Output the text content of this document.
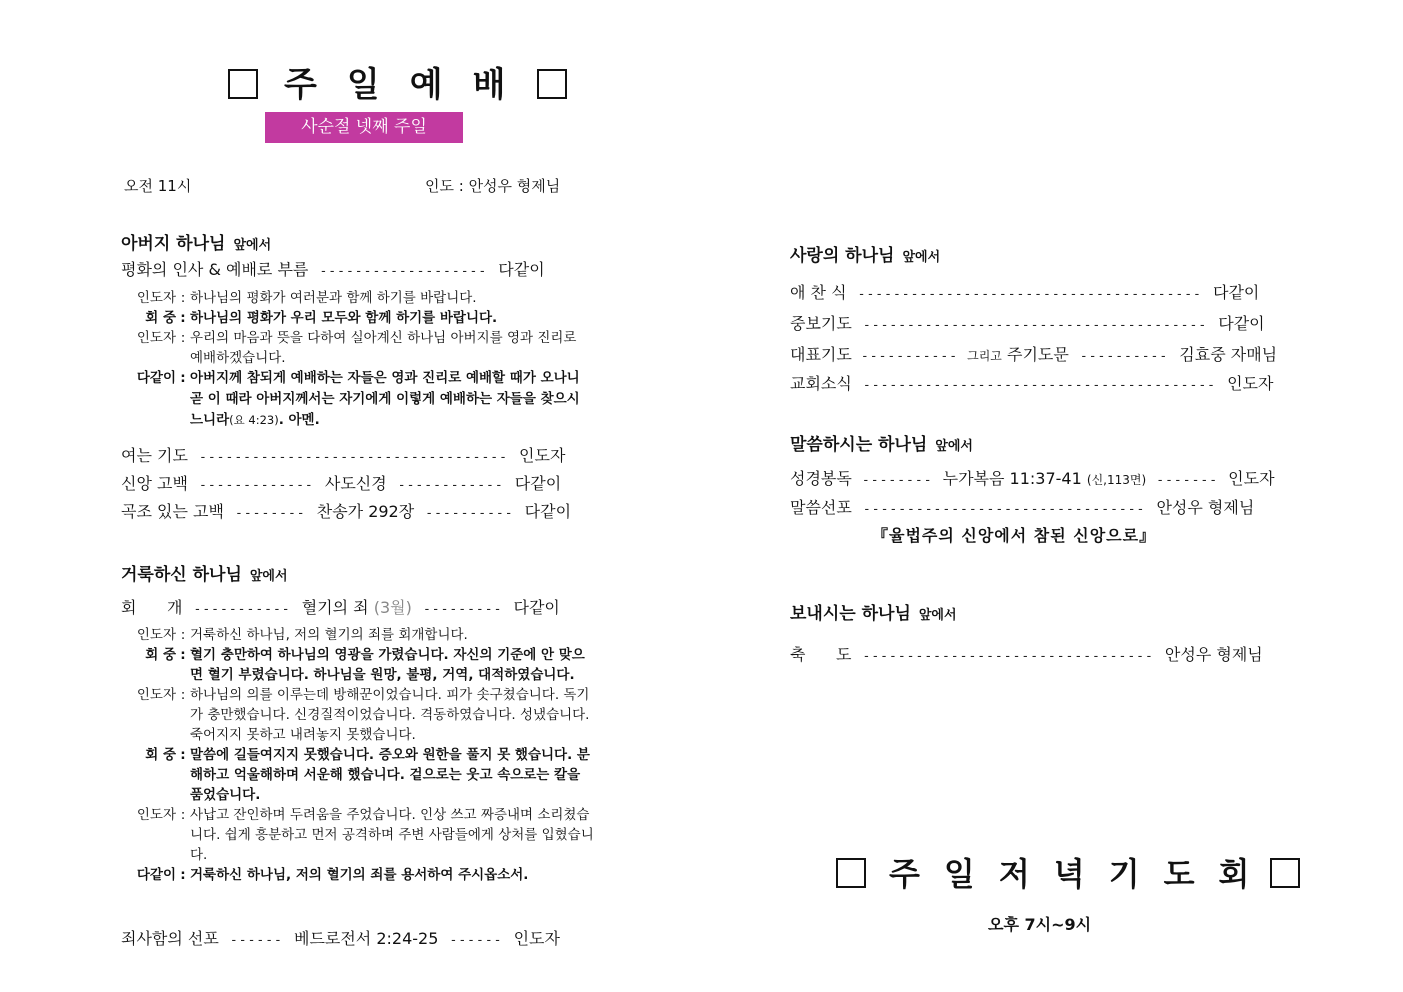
주 일 예 배
사순절 넷째 주일
오전 11시	인도 : 안성우 형제님
아버지 하나님 앞에서
평화의 인사 & 예배로 부름 ------------------- 다같이
인도자 : 하나님의 평화가 여러분과 함께 하기를 바랍니다.
회 중 : 하나님의 평화가 우리 모두와 함께 하기를 바랍니다.
인도자 : 우리의 마음과 뜻을 다하여 실아계신 하나님 아버지를 영과 진리로 예배하겠습니다.
다같이 : 아버지께 참되게 예배하는 자들은 영과 진리로 예배할 때가 오나니 곧 이 때라 아버지께서는 자기에게 이렇게 예배하는 자들을 찾으시느니라(요 4:23). 아멘.
여는 기도 ----------------------------------- 인도자
신앙 고백 ------------- 사도신경 ------------ 다같이
곡조 있는 고백 -------- 찬송가 292장 ---------- 다같이
거룩하신 하나님 앞에서
회      개 ----------- 혈기의 죄 (3월) --------- 다같이
인도자 : 거룩하신 하나님, 저의 혈기의 죄를 회개합니다.
회 중 : 혈기 충만하여 하나님의 영광을 가렸습니다. 자신의 기준에 안 맞으면 혈기 부렸습니다. 하나님을 원망, 불평, 거역, 대적하였습니다.
인도자 : 하나님의 의를 이루는데 방해꾼이었습니다. 피가 솟구쳤습니다. 독기가 충만했습니다. 신경질적이었습니다. 격동하였습니다. 성냈습니다. 죽어지지 못하고 내려놓지 못했습니다.
회 중 : 말씀에 길들여지지 못했습니다. 증오와 원한을 풀지 못 했습니다. 분해하고 억울해하며 서운해 했습니다. 겉으로는 웃고 속으로는 칼을 품었습니다.
인도자 : 사납고 잔인하며 두려움을 주었습니다. 인상 쓰고 짜증내며 소리쳤습니다. 쉽게 흥분하고 먼저 공격하며 주변 사람들에게 상처를 입혔습니다.
다같이 : 거룩하신 하나님, 저의 혈기의 죄를 용서하여 주시옵소서.
죄사함의 선포 ------ 베드로전서 2:24-25 ------ 인도자
사랑의 하나님 앞에서
애 찬 식 --------------------------------------- 다같이
중보기도 --------------------------------------- 다같이
대표기도 ----------- 그리고 주기도문 ---------- 김효중 자매님
교회소식 ---------------------------------------- 인도자
말씀하시는 하나님 앞에서
성경봉독 -------- 누가복음 11:37-41 (신,113면) ------- 인도자
말씀선포 -------------------------------- 안성우 형제님
『율법주의 신앙에서 참된 신앙으로』
보내시는 하나님 앞에서
축      도 --------------------------------- 안성우 형제님
주 일 저 녁 기 도 회
오후 7시~9시
